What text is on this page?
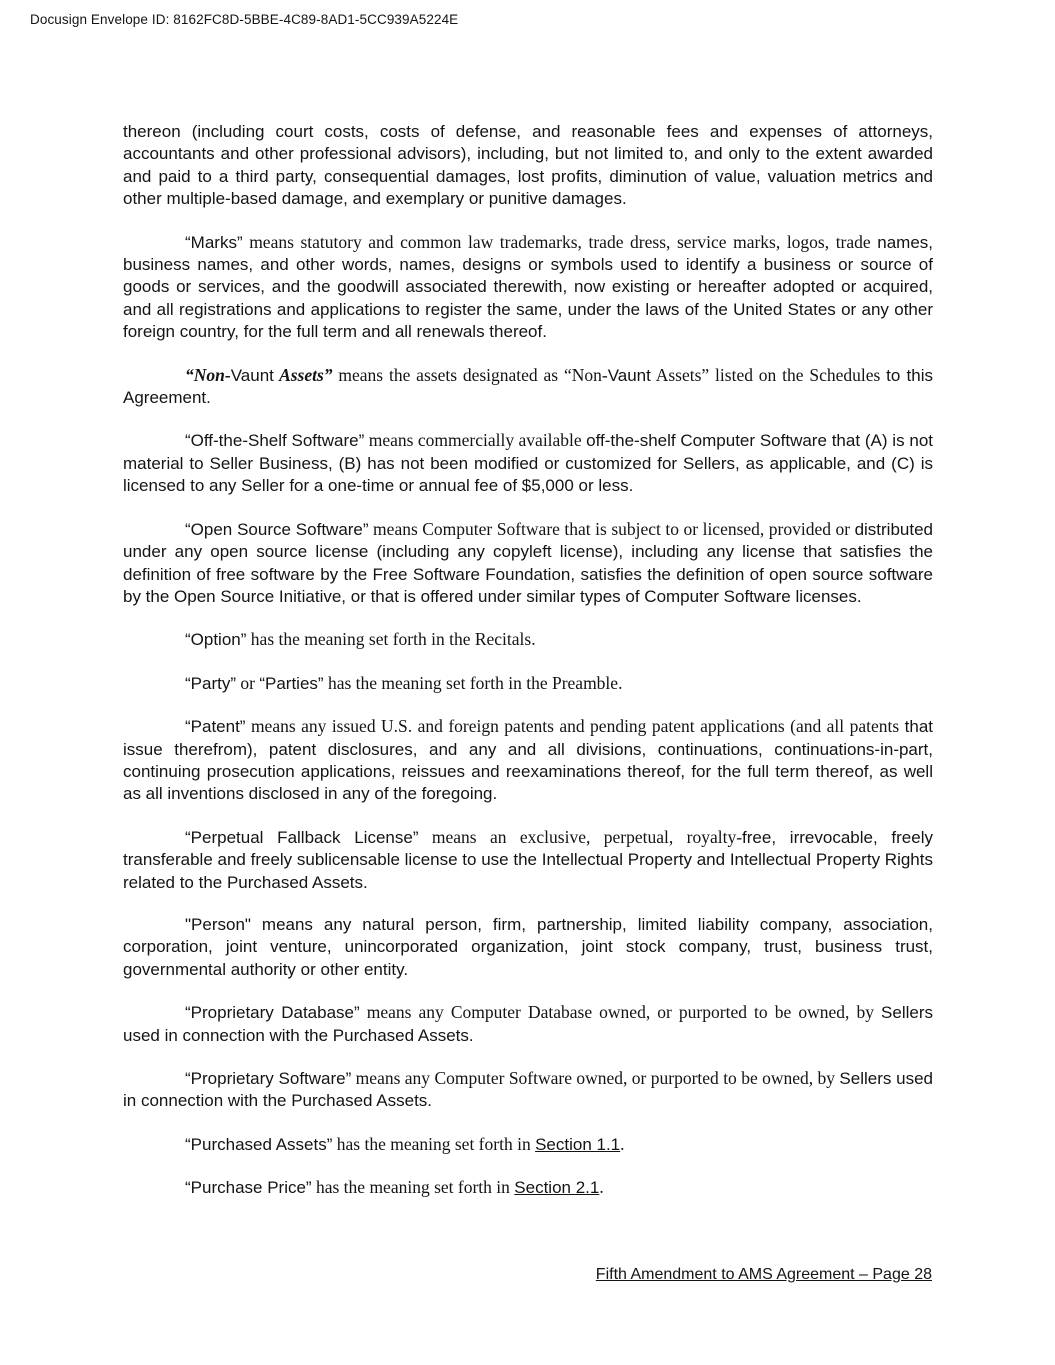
Docusign Envelope ID: 8162FC8D-5BBE-4C89-8AD1-5CC939A5224E

thereon (including court costs, costs of defense, and reasonable fees and expenses of attorneys, accountants and other professional advisors), including, but not limited to, and only to the extent awarded and paid to a third party, consequential damages, lost profits, diminution of value, valuation metrics and other multiple-based damage, and exemplary or punitive damages.

“Marks” means statutory and common law trademarks, trade dress, service marks, logos, trade names, business names, and other words, names, designs or symbols used to identify a business or source of goods or services, and the goodwill associated therewith, now existing or hereafter adopted or acquired, and all registrations and applications to register the same, under the laws of the United States or any other foreign country, for the full term and all renewals thereof.

“Non-Vaunt Assets” means the assets designated as “Non-Vaunt Assets” listed on the Schedules to this Agreement.

“Off-the-Shelf Software” means commercially available off-the-shelf Computer Software that (A) is not material to Seller Business, (B) has not been modified or customized for Sellers, as applicable, and (C) is licensed to any Seller for a one-time or annual fee of $5,000 or less.

“Open Source Software” means Computer Software that is subject to or licensed, provided or distributed under any open source license (including any copyleft license), including any license that satisfies the definition of free software by the Free Software Foundation, satisfies the definition of open source software by the Open Source Initiative, or that is offered under similar types of Computer Software licenses.

“Option” has the meaning set forth in the Recitals.

“Party” or “Parties” has the meaning set forth in the Preamble.

“Patent” means any issued U.S. and foreign patents and pending patent applications (and all patents that issue therefrom), patent disclosures, and any and all divisions, continuations, continuations-in-part, continuing prosecution applications, reissues and reexaminations thereof, for the full term thereof, as well as all inventions disclosed in any of the foregoing.

“Perpetual Fallback License” means an exclusive, perpetual, royalty-free, irrevocable, freely transferable and freely sublicensable license to use the Intellectual Property and Intellectual Property Rights related to the Purchased Assets.

"Person" means any natural person, firm, partnership, limited liability company, association, corporation, joint venture, unincorporated organization, joint stock company, trust, business trust, governmental authority or other entity.

“Proprietary Database” means any Computer Database owned, or purported to be owned, by Sellers used in connection with the Purchased Assets.

“Proprietary Software” means any Computer Software owned, or purported to be owned, by Sellers used in connection with the Purchased Assets.

“Purchased Assets” has the meaning set forth in Section 1.1.

“Purchase Price” has the meaning set forth in Section 2.1.

Fifth Amendment to AMS Agreement – Page 28
